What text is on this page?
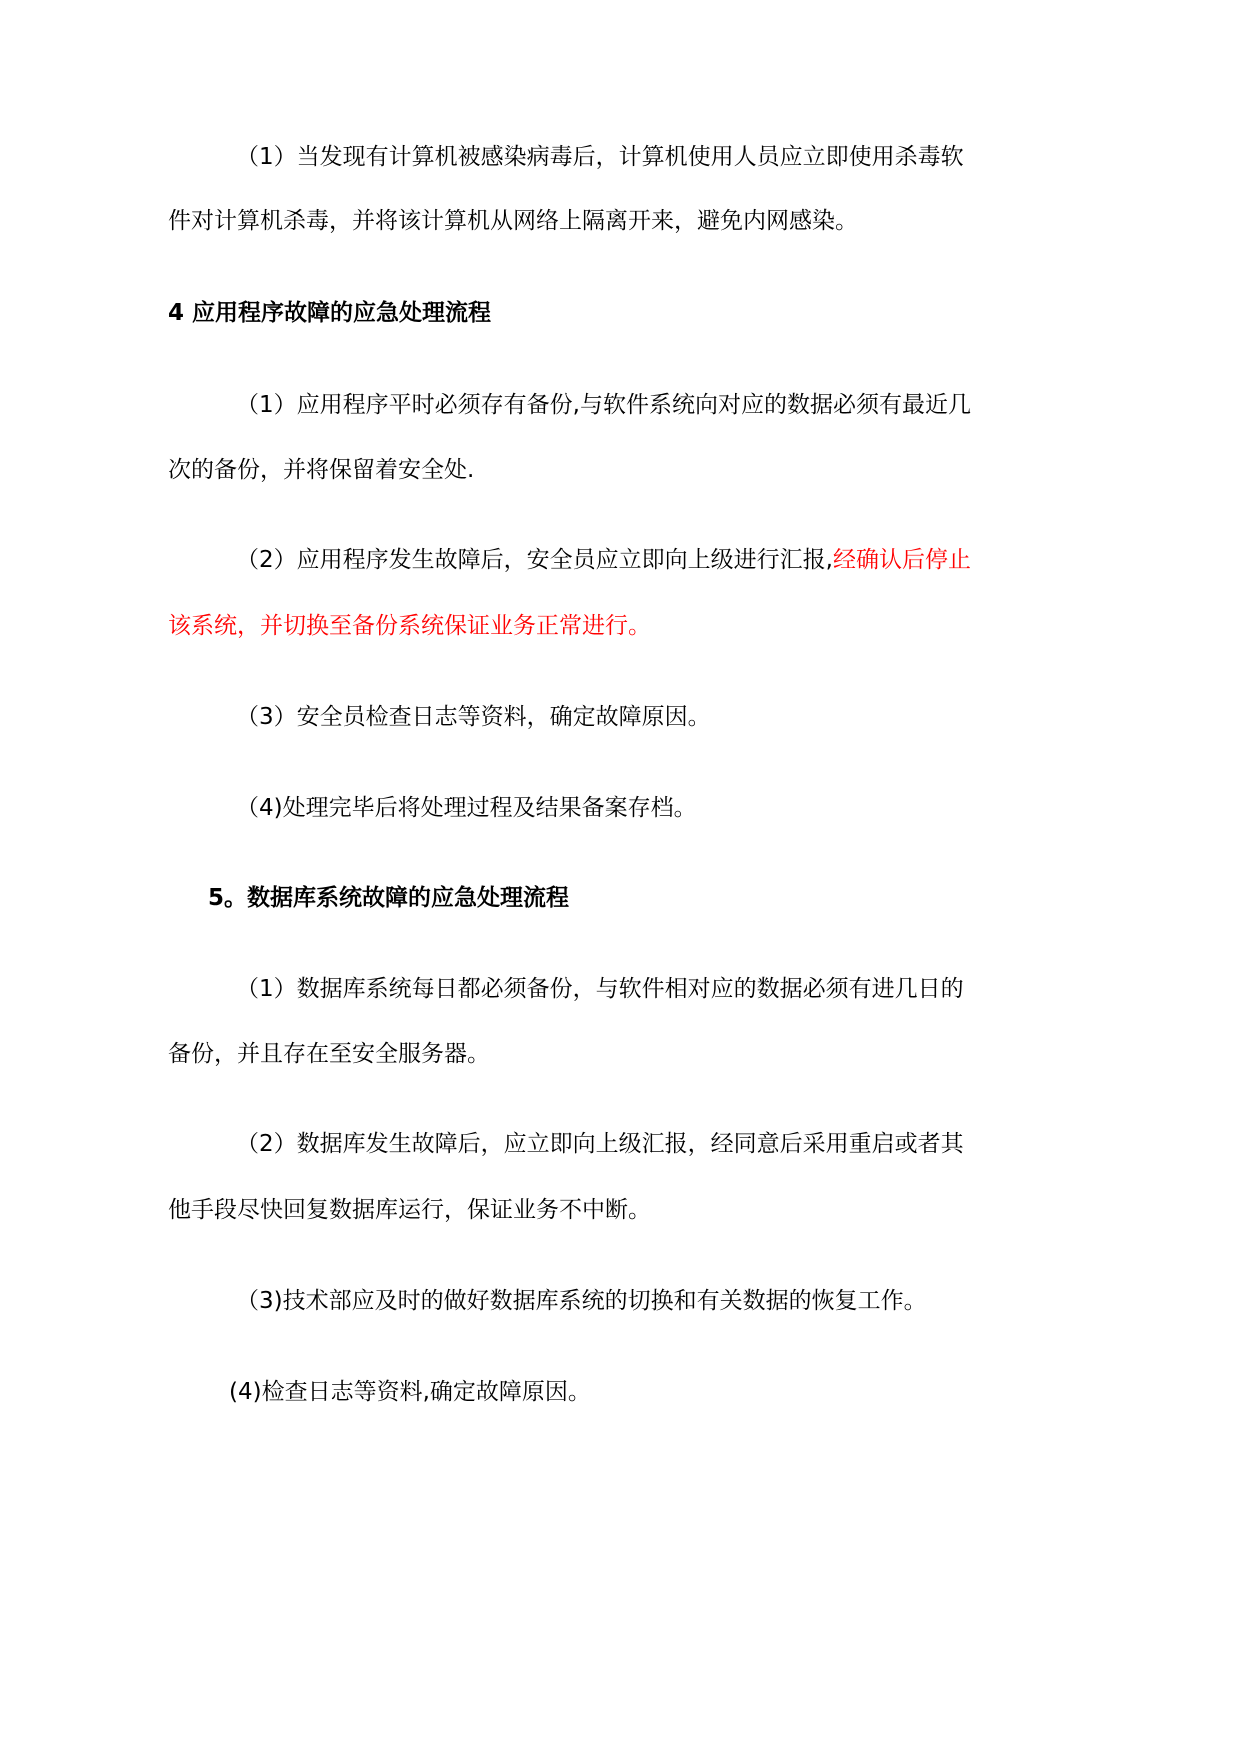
（1）当发现有计算机被感染病毒后，计算机使用人员应立即使用杀毒软
件对计算机杀毒，并将该计算机从网络上隔离开来，避免内网感染。
4 应用程序故障的应急处理流程
（1）应用程序平时必须存有备份,与软件系统向对应的数据必须有最近几
次的备份，并将保留着安全处.
（2）应用程序发生故障后，安全员应立即向上级进行汇报,经确认后停止
该系统，并切换至备份系统保证业务正常进行。
（3）安全员检查日志等资料，确定故障原因。
（4)处理完毕后将处理过程及结果备案存档。
5。数据库系统故障的应急处理流程
（1）数据库系统每日都必须备份，与软件相对应的数据必须有进几日的
备份，并且存在至安全服务器。
（2）数据库发生故障后，应立即向上级汇报，经同意后采用重启或者其
他手段尽快回复数据库运行，保证业务不中断。
（3)技术部应及时的做好数据库系统的切换和有关数据的恢复工作。
(4)检查日志等资料,确定故障原因。
